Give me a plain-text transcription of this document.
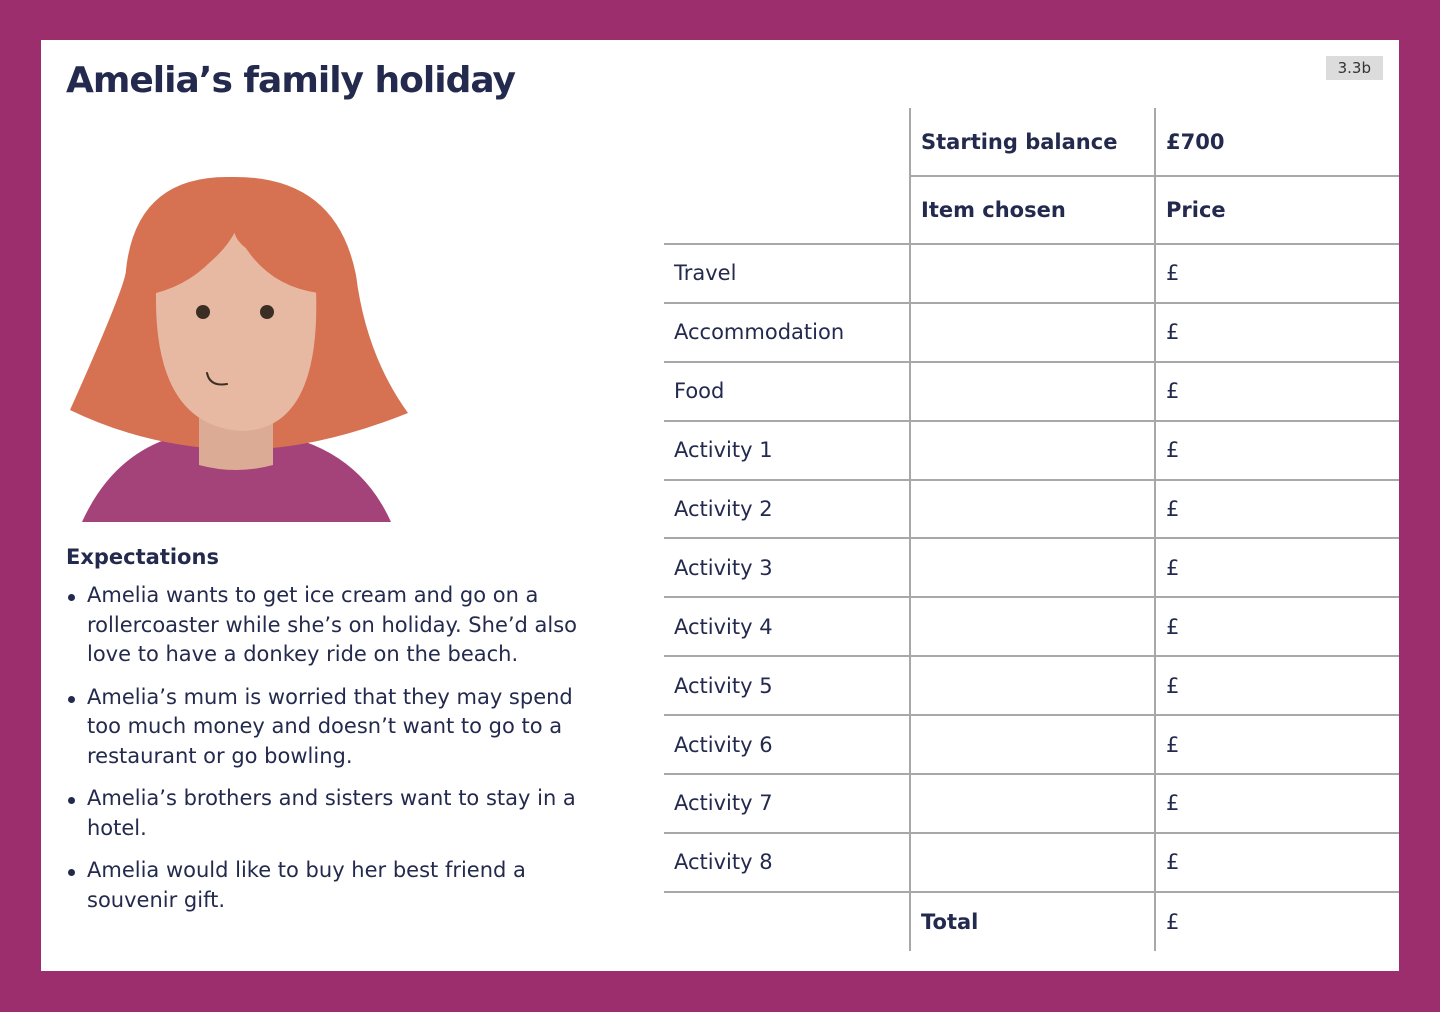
Amelia’s family holiday	3.3b
Expectations
Amelia wants to get ice cream and go on a rollercoaster while she’s on holiday. She’d also love to have a donkey ride on the beach.
Amelia’s mum is worried that they may spend too much money and doesn’t want to go to a restaurant or go bowling.
Amelia’s brothers and sisters want to stay in a hotel.
Amelia would like to buy her best friend a souvenir gift.
Starting balance	£700
Item chosen	Price
Travel	£
Accommodation	£
Food	£
Activity 1	£
Activity 2	£
Activity 3	£
Activity 4	£
Activity 5	£
Activity 6	£
Activity 7	£
Activity 8	£
Total	£
